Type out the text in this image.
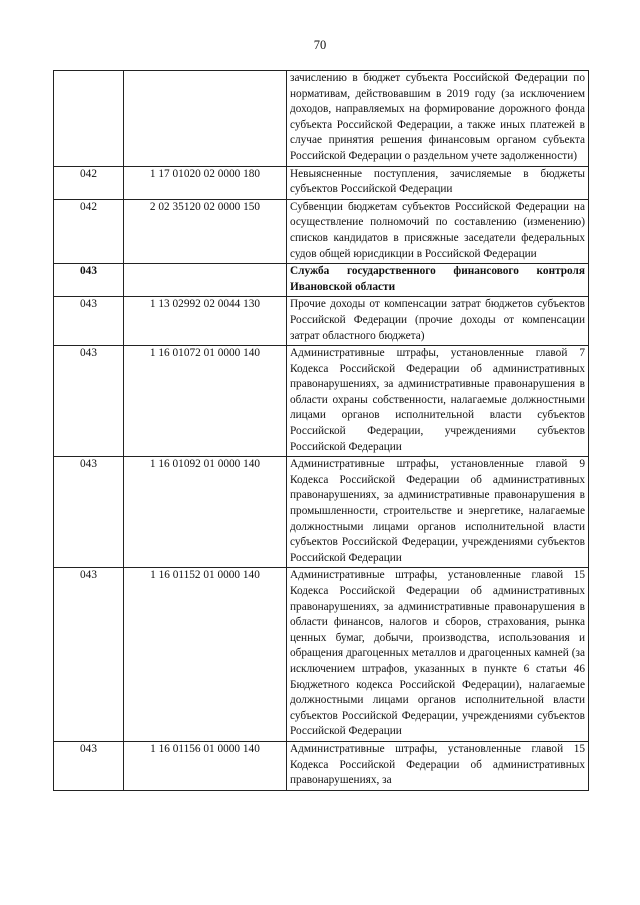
70
		зачислению в бюджет субъекта Российской Федерации по нормативам, действовавшим в 2019 году (за исключением доходов, направляемых на формирование дорожного фонда субъекта Российской Федерации, а также иных платежей в случае принятия решения финансовым органом субъекта Российской Федерации о раздельном учете задолженности)
042	1 17 01020 02 0000 180	Невыясненные поступления, зачисляемые в бюджеты субъектов Российской Федерации
042	2 02 35120 02 0000 150	Субвенции бюджетам субъектов Российской Федерации на осуществление полномочий по составлению (изменению) списков кандидатов в присяжные заседатели федеральных судов общей юрисдикции в Российской Федерации
043		Служба государственного финансового контроля Ивановской области
043	1 13 02992 02 0044 130	Прочие доходы от компенсации затрат бюджетов субъектов Российской Федерации (прочие доходы от компенсации затрат областного бюджета)
043	1 16 01072 01 0000 140	Административные штрафы, установленные главой 7 Кодекса Российской Федерации об административных правонарушениях, за административные правонарушения в области охраны собственности, налагаемые должностными лицами органов исполнительной власти субъектов Российской Федерации, учреждениями субъектов Российской Федерации
043	1 16 01092 01 0000 140	Административные штрафы, установленные главой 9 Кодекса Российской Федерации об административных правонарушениях, за административные правонарушения в промышленности, строительстве и энергетике, налагаемые должностными лицами органов исполнительной власти субъектов Российской Федерации, учреждениями субъектов Российской Федерации
043	1 16 01152 01 0000 140	Административные штрафы, установленные главой 15 Кодекса Российской Федерации об административных правонарушениях, за административные правонарушения в области финансов, налогов и сборов, страхования, рынка ценных бумаг, добычи, производства, использования и обращения драгоценных металлов и драгоценных камней (за исключением штрафов, указанных в пункте 6 статьи 46 Бюджетного кодекса Российской Федерации), налагаемые должностными лицами органов исполнительной власти субъектов Российской Федерации, учреждениями субъектов Российской Федерации
043	1 16 01156 01 0000 140	Административные штрафы, установленные главой 15 Кодекса Российской Федерации об административных правонарушениях, за
